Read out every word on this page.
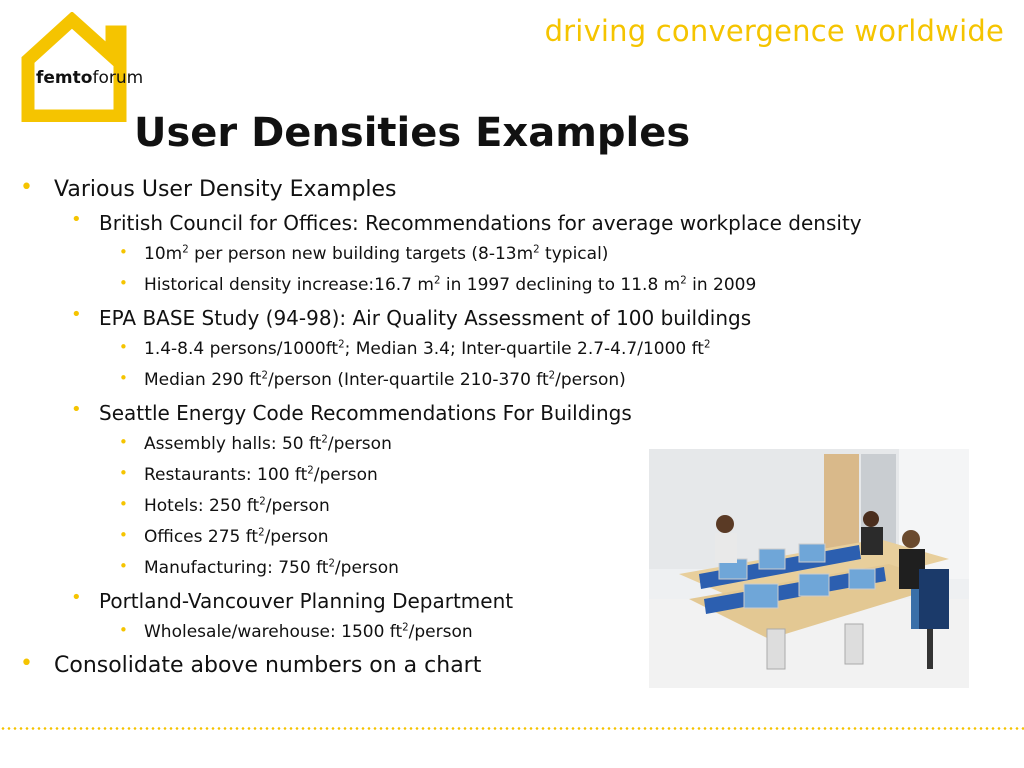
driving convergence worldwide
femtoforum
User Densities Examples
• Various User Density Examples
• British Council for Offices: Recommendations for average workplace density
• $10m^2$ per person new building targets ($8-13m^2$ typical)
• Historical density increase:16.7 $m^2$ in 1997 declining to 11.8 $m^2$ in 2009
• EPA BASE Study (94-98): Air Quality Assessment of 100 buildings
• 1.4-8.4 persons/$1000ft^2$; Median 3.4; Inter-quartile 2.7-4.7/1000 $ft^2$
• Median 290 $ft^2$/person (Inter-quartile 210-370 $ft^2/person$)
• Seattle Energy Code Recommendations For Buildings
• Assembly halls: 50 $ft^2$/person
• Restaurants: 100 $ft^2$/person
• Hotels: 250 $ft^2$/person
• Offices 275 $ft^2$/person
• Manufacturing: 750 $ft^2$/person
• Portland-Vancouver Planning Department
• Wholesale/warehouse: 1500 $ft^2$/person
• Consolidate above numbers on a chart
